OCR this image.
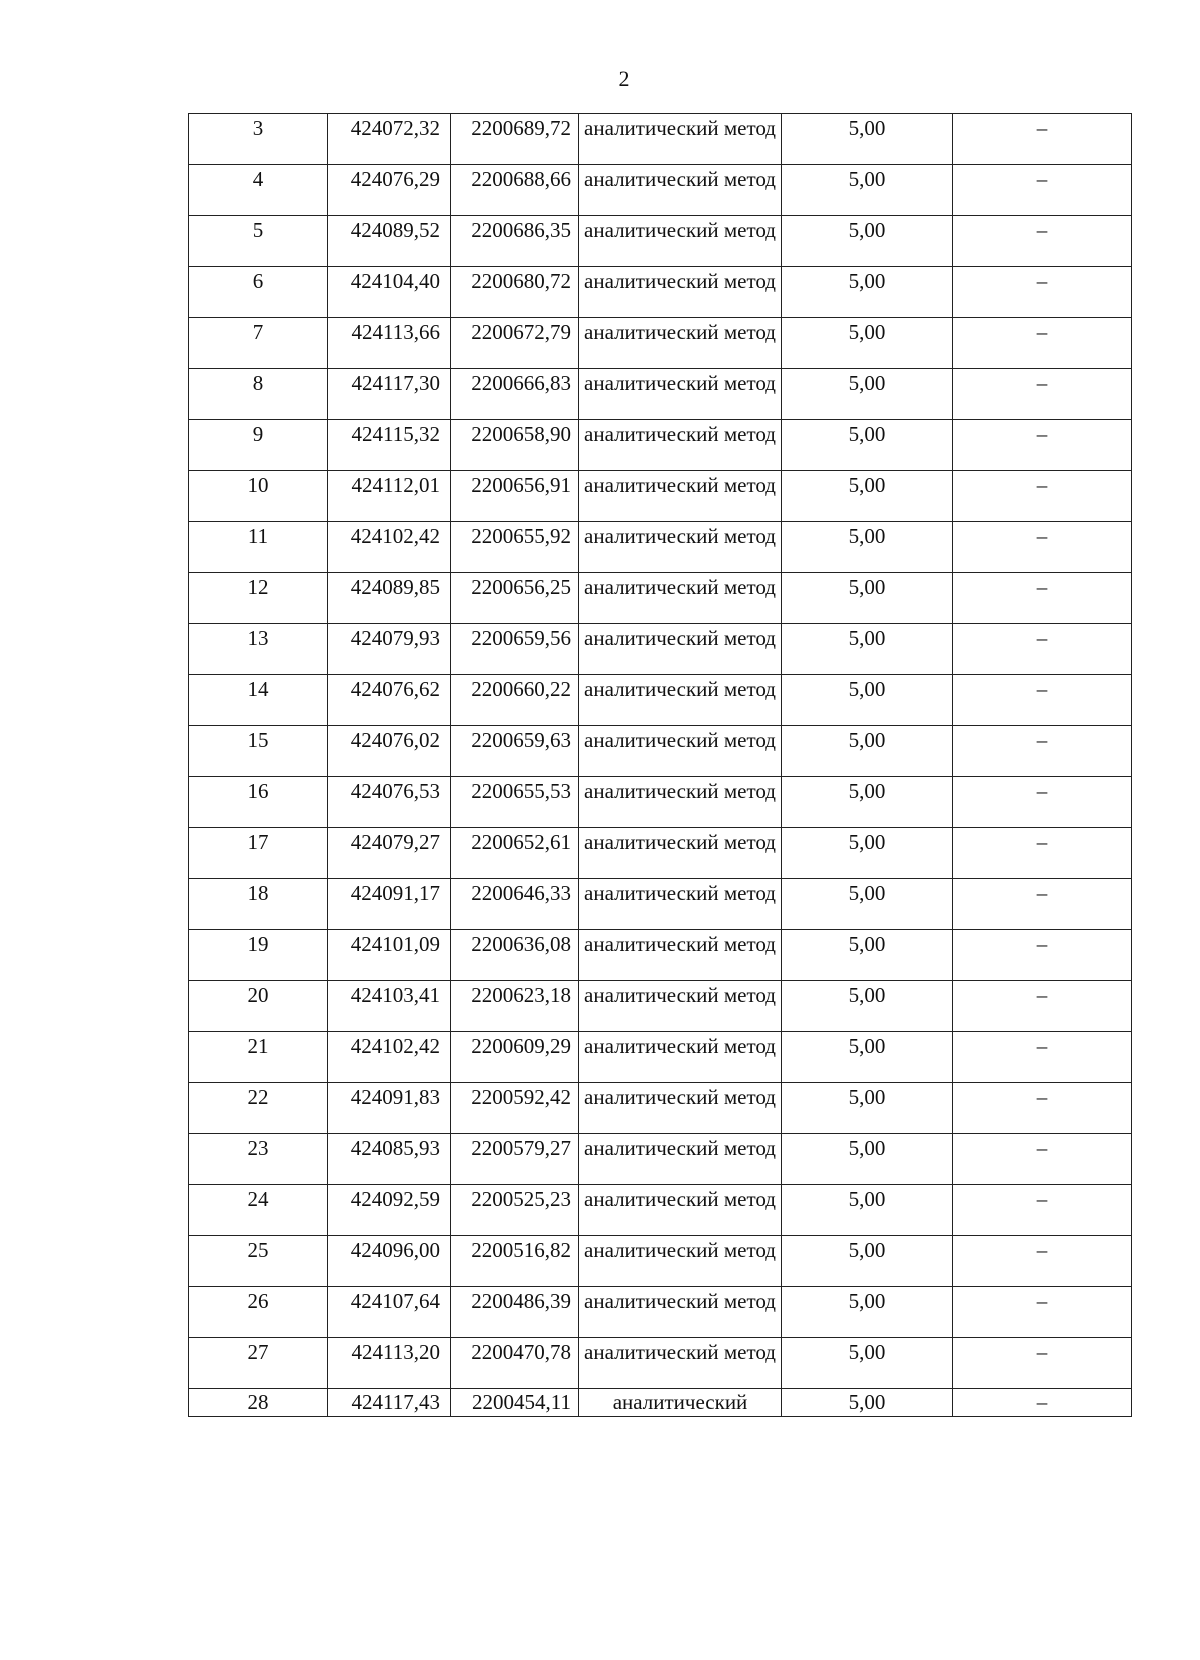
2
3	424072,32	2200689,72	аналитический метод	5,00	–
4	424076,29	2200688,66	аналитический метод	5,00	–
5	424089,52	2200686,35	аналитический метод	5,00	–
6	424104,40	2200680,72	аналитический метод	5,00	–
7	424113,66	2200672,79	аналитический метод	5,00	–
8	424117,30	2200666,83	аналитический метод	5,00	–
9	424115,32	2200658,90	аналитический метод	5,00	–
10	424112,01	2200656,91	аналитический метод	5,00	–
11	424102,42	2200655,92	аналитический метод	5,00	–
12	424089,85	2200656,25	аналитический метод	5,00	–
13	424079,93	2200659,56	аналитический метод	5,00	–
14	424076,62	2200660,22	аналитический метод	5,00	–
15	424076,02	2200659,63	аналитический метод	5,00	–
16	424076,53	2200655,53	аналитический метод	5,00	–
17	424079,27	2200652,61	аналитический метод	5,00	–
18	424091,17	2200646,33	аналитический метод	5,00	–
19	424101,09	2200636,08	аналитический метод	5,00	–
20	424103,41	2200623,18	аналитический метод	5,00	–
21	424102,42	2200609,29	аналитический метод	5,00	–
22	424091,83	2200592,42	аналитический метод	5,00	–
23	424085,93	2200579,27	аналитический метод	5,00	–
24	424092,59	2200525,23	аналитический метод	5,00	–
25	424096,00	2200516,82	аналитический метод	5,00	–
26	424107,64	2200486,39	аналитический метод	5,00	–
27	424113,20	2200470,78	аналитический метод	5,00	–
28	424117,43	2200454,11	аналитический	5,00	–
